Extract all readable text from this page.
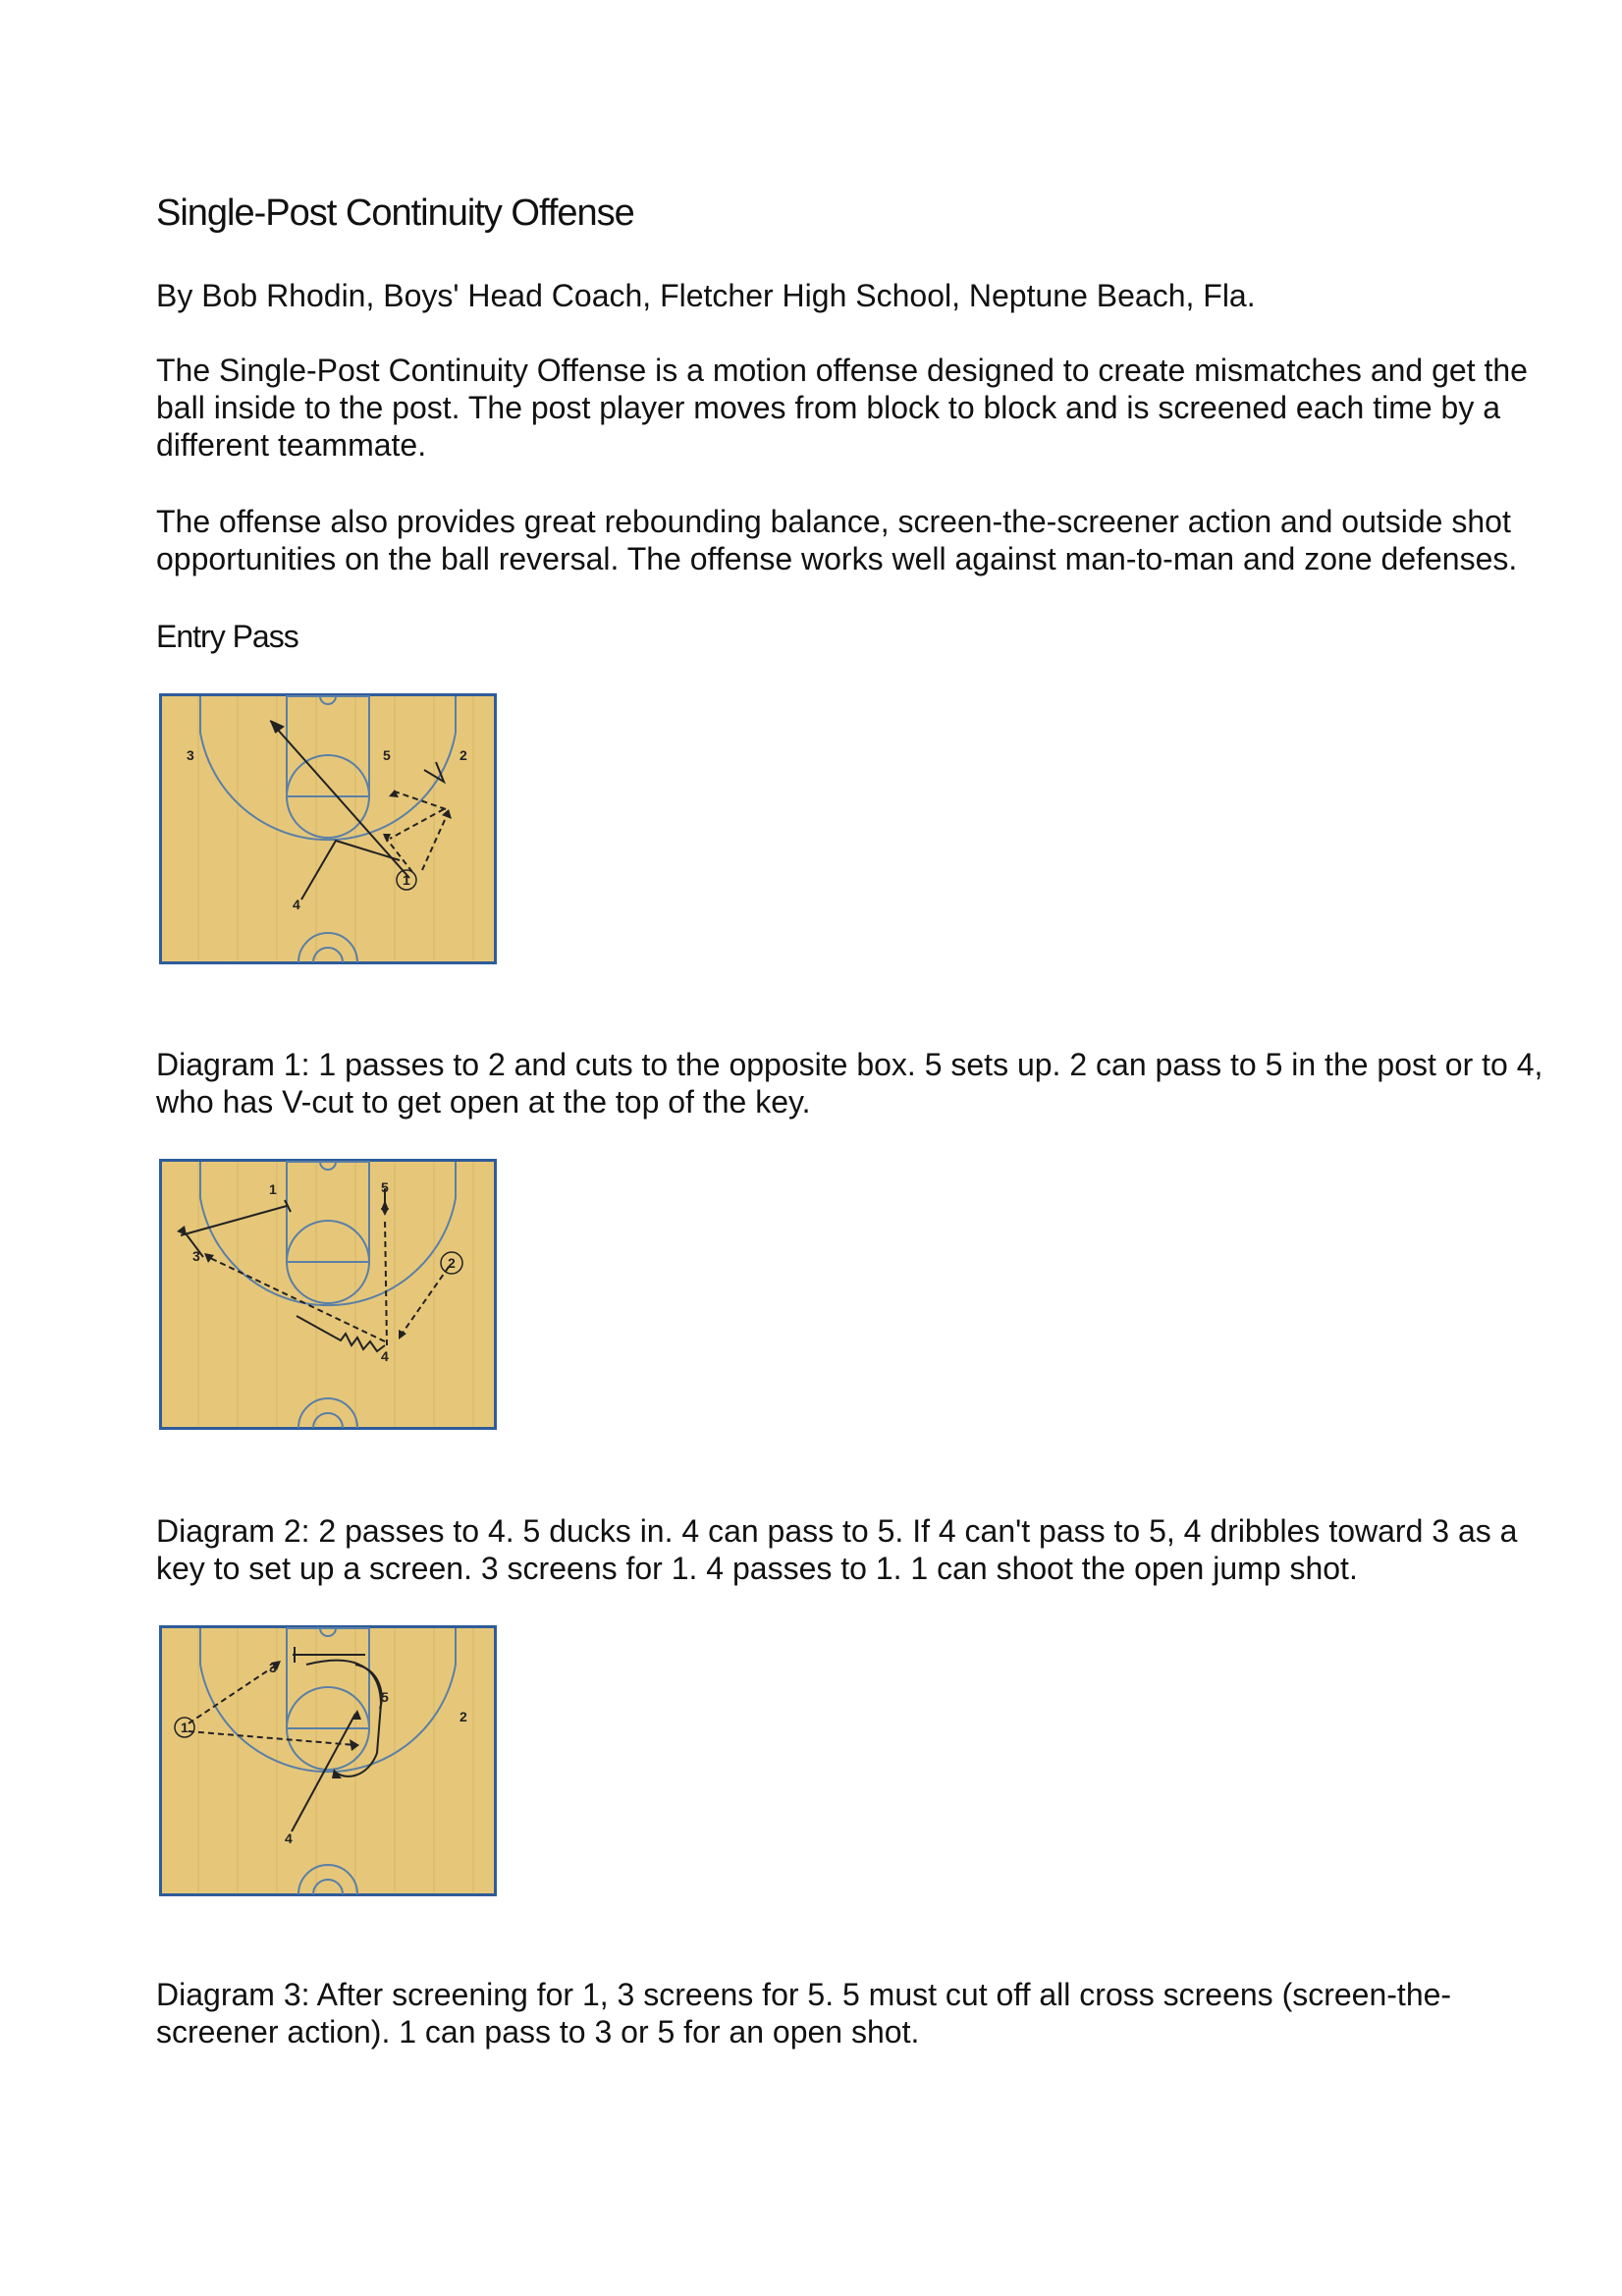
Single-Post Continuity Offense

By Bob Rhodin, Boys' Head Coach, Fletcher High School, Neptune Beach, Fla.

The Single-Post Continuity Offense is a motion offense designed to create mismatches and get the ball inside to the post. The post player moves from block to block and is screened each time by a different teammate.

The offense also provides great rebounding balance, screen-the-screener action and outside shot opportunities on the ball reversal. The offense works well against man-to-man and zone defenses.

Entry Pass
3	5	2
4
1

Diagram 1: 1 passes to 2 and cuts to the opposite box. 5 sets up. 2 can pass to 5 in the post or to 4, who has V-cut to get open at the top of the key.

1	5
3	2
4

Diagram 2: 2 passes to 4. 5 ducks in. 4 can pass to 5. If 4 can't pass to 5, 4 dribbles toward 3 as a key to set up a screen. 3 screens for 1. 4 passes to 1. 1 can shoot the open jump shot.

3
5
2
1
4

Diagram 3: After screening for 1, 3 screens for 5. 5 must cut off all cross screens (screen-the-screener action). 1 can pass to 3 or 5 for an open shot.
